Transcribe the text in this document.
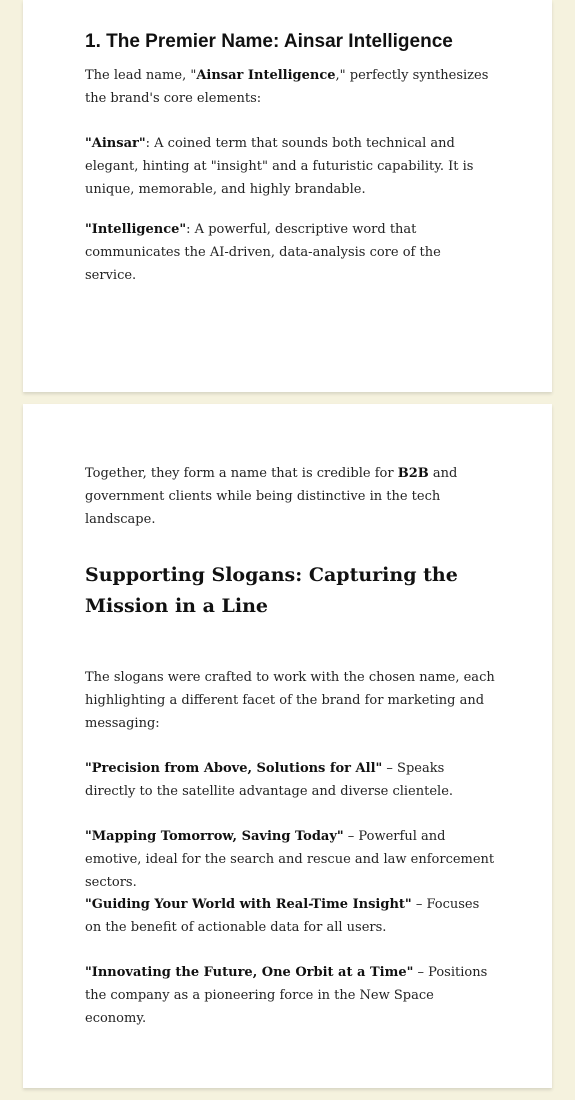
1. The Premier Name: Ainsar Intelligence

The lead name, "Ainsar Intelligence," perfectly synthesizes the brand's core elements:

"Ainsar": A coined term that sounds both technical and elegant, hinting at "insight" and a futuristic capability. It is unique, memorable, and highly brandable.

"Intelligence": A powerful, descriptive word that communicates the AI-driven, data-analysis core of the service.

Together, they form a name that is credible for B2B and government clients while being distinctive in the tech landscape.

Supporting Slogans: Capturing the Mission in a Line

The slogans were crafted to work with the chosen name, each highlighting a different facet of the brand for marketing and messaging:

"Precision from Above, Solutions for All" – Speaks directly to the satellite advantage and diverse clientele.

"Mapping Tomorrow, Saving Today" – Powerful and emotive, ideal for the search and rescue and law enforcement sectors.

"Guiding Your World with Real-Time Insight" – Focuses on the benefit of actionable data for all users.

"Innovating the Future, One Orbit at a Time" – Positions the company as a pioneering force in the New Space economy.
